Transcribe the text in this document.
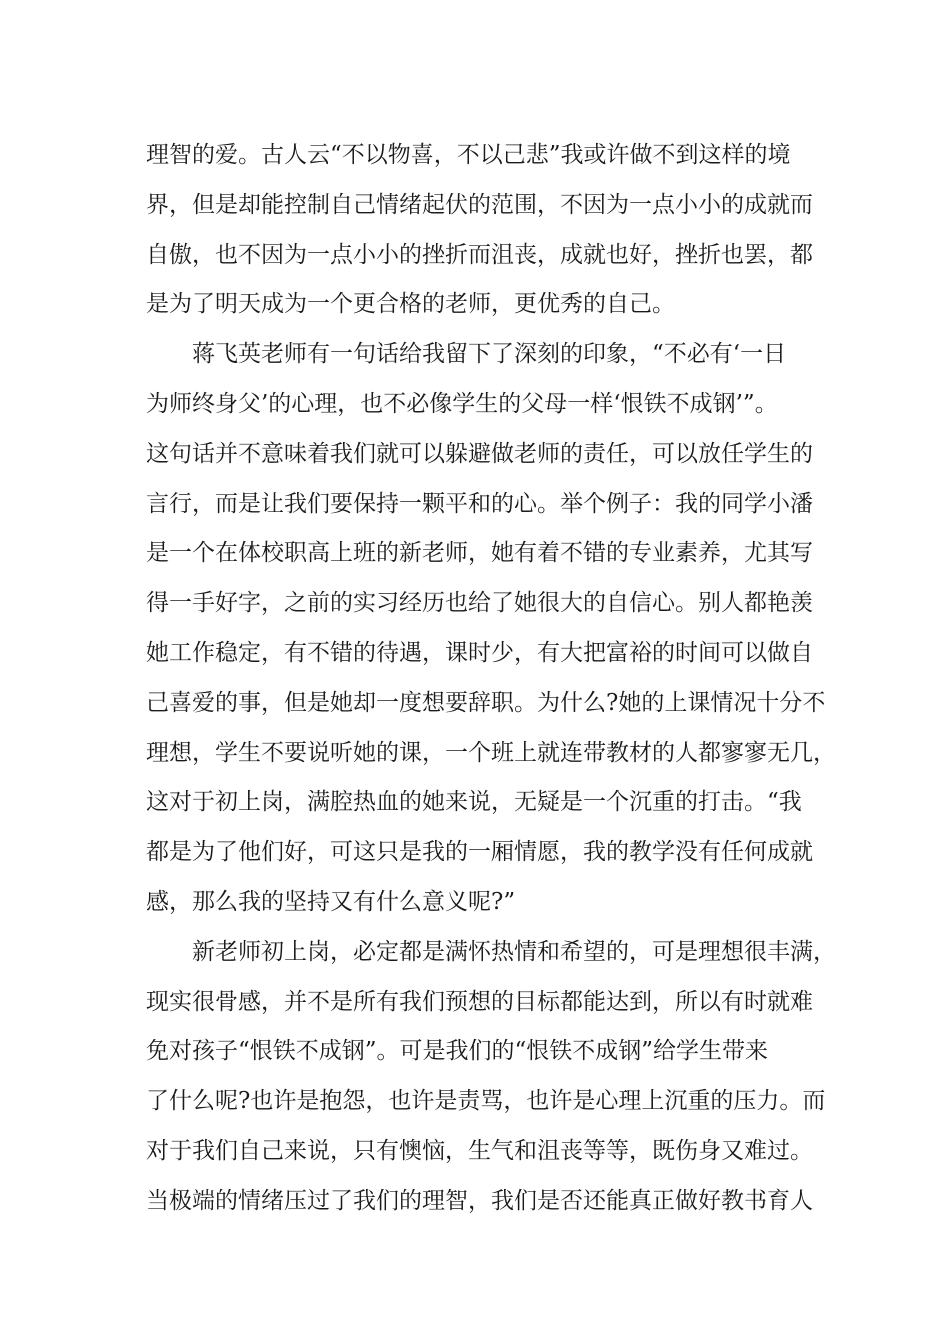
理智的爱。古人云“不以物喜，不以己悲”我或许做不到这样的境
界，但是却能控制自己情绪起伏的范围，不因为一点小小的成就而
自傲，也不因为一点小小的挫折而沮丧，成就也好，挫折也罢，都
是为了明天成为一个更合格的老师，更优秀的自己。
蒋飞英老师有一句话给我留下了深刻的印象，“不必有‘一日
为师终身父’的心理，也不必像学生的父母一样‘恨铁不成钢’”。
这句话并不意味着我们就可以躲避做老师的责任，可以放任学生的
言行，而是让我们要保持一颗平和的心。举个例子：我的同学小潘
是一个在体校职高上班的新老师，她有着不错的专业素养，尤其写
得一手好字，之前的实习经历也给了她很大的自信心。别人都艳羡
她工作稳定，有不错的待遇，课时少，有大把富裕的时间可以做自
己喜爱的事，但是她却一度想要辞职。为什么?她的上课情况十分不
理想，学生不要说听她的课，一个班上就连带教材的人都寥寥无几，
这对于初上岗，满腔热血的她来说，无疑是一个沉重的打击。“我
都是为了他们好，可这只是我的一厢情愿，我的教学没有任何成就
感，那么我的坚持又有什么意义呢?”
新老师初上岗，必定都是满怀热情和希望的，可是理想很丰满，
现实很骨感，并不是所有我们预想的目标都能达到，所以有时就难
免对孩子“恨铁不成钢”。可是我们的“恨铁不成钢”给学生带来
了什么呢?也许是抱怨，也许是责骂，也许是心理上沉重的压力。而
对于我们自己来说，只有懊恼，生气和沮丧等等，既伤身又难过。
当极端的情绪压过了我们的理智，我们是否还能真正做好教书育人
